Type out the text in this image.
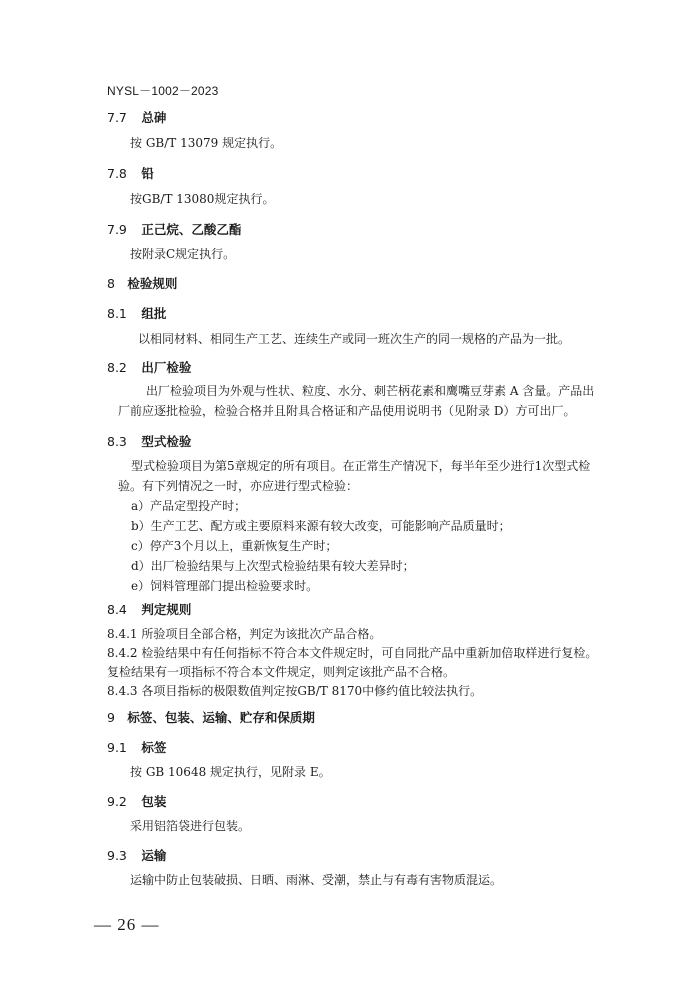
NYSL－1002－2023
7.7 总砷
按 GB/T 13079 规定执行。
7.8 铅
按GB/T 13080规定执行。
7.9 正己烷、乙酸乙酯
按附录C规定执行。
8 检验规则
8.1 组批
以相同材料、相同生产工艺、连续生产或同一班次生产的同一规格的产品为一批。
8.2 出厂检验
出厂检验项目为外观与性状、粒度、水分、刺芒柄花素和鹰嘴豆芽素 A 含量。产品出
厂前应逐批检验，检验合格并且附具合格证和产品使用说明书（见附录 D）方可出厂。
8.3 型式检验
型式检验项目为第5章规定的所有项目。在正常生产情况下，每半年至少进行1次型式检
验。有下列情况之一时，亦应进行型式检验：
a）产品定型投产时；
b）生产工艺、配方或主要原料来源有较大改变，可能影响产品质量时；
c）停产3个月以上，重新恢复生产时；
d）出厂检验结果与上次型式检验结果有较大差异时；
e）饲料管理部门提出检验要求时。
8.4 判定规则
8.4.1 所验项目全部合格，判定为该批次产品合格。
8.4.2 检验结果中有任何指标不符合本文件规定时，可自同批产品中重新加倍取样进行复检。
复检结果有一项指标不符合本文件规定，则判定该批产品不合格。
8.4.3 各项目指标的极限数值判定按GB/T 8170中修约值比较法执行。
9 标签、包装、运输、贮存和保质期
9.1 标签
按 GB 10648 规定执行，见附录 E。
9.2 包装
采用铝箔袋进行包装。
9.3 运输
运输中防止包装破损、日晒、雨淋、受潮，禁止与有毒有害物质混运。
— 26 —
